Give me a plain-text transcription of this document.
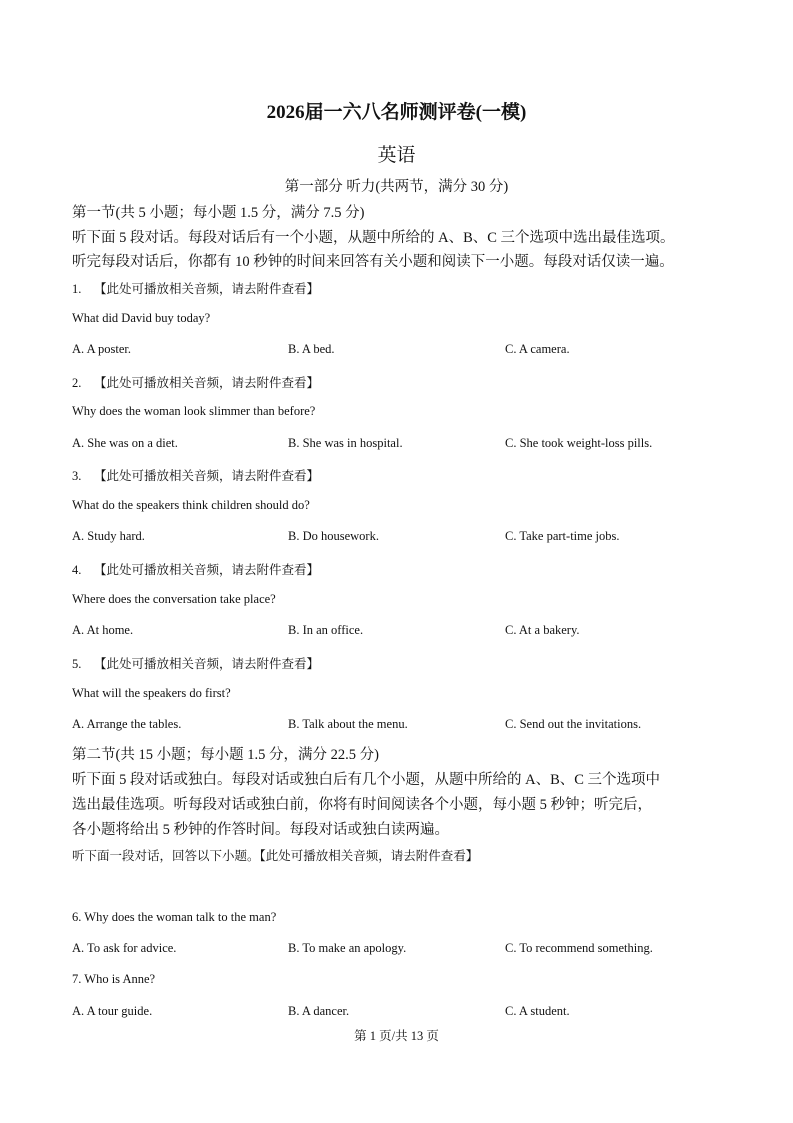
2026届一六八名师测评卷(一模)
英语
第一部分 听力(共两节，满分 30 分)
第一节(共 5 小题；每小题 1.5 分，满分 7.5 分)
听下面 5 段对话。每段对话后有一个小题，从题中所给的 A、B、C 三个选项中选出最佳选项。
听完每段对话后，你都有 10 秒钟的时间来回答有关小题和阅读下一小题。每段对话仅读一遍。
1. 【此处可播放相关音频，请去附件查看】
What did David buy today?
A. A poster.	B. A bed.	C. A camera.
2. 【此处可播放相关音频，请去附件查看】
Why does the woman look slimmer than before?
A. She was on a diet.	B. She was in hospital.	C. She took weight-loss pills.
3. 【此处可播放相关音频，请去附件查看】
What do the speakers think children should do?
A. Study hard.	B. Do housework.	C. Take part-time jobs.
4. 【此处可播放相关音频，请去附件查看】
Where does the conversation take place?
A. At home.	B. In an office.	C. At a bakery.
5. 【此处可播放相关音频，请去附件查看】
What will the speakers do first?
A. Arrange the tables.	B. Talk about the menu.	C. Send out the invitations.
第二节(共 15 小题；每小题 1.5 分，满分 22.5 分)
听下面 5 段对话或独白。每段对话或独白后有几个小题，从题中所给的 A、B、C 三个选项中
选出最佳选项。听每段对话或独白前，你将有时间阅读各个小题，每小题 5 秒钟；听完后，
各小题将给出 5 秒钟的作答时间。每段对话或独白读两遍。
听下面一段对话，回答以下小题。【此处可播放相关音频，请去附件查看】
6. Why does the woman talk to the man?
A. To ask for advice.	B. To make an apology.	C. To recommend something.
7. Who is Anne?
A. A tour guide.	B. A dancer.	C. A student.
第 1 页/共 13 页
